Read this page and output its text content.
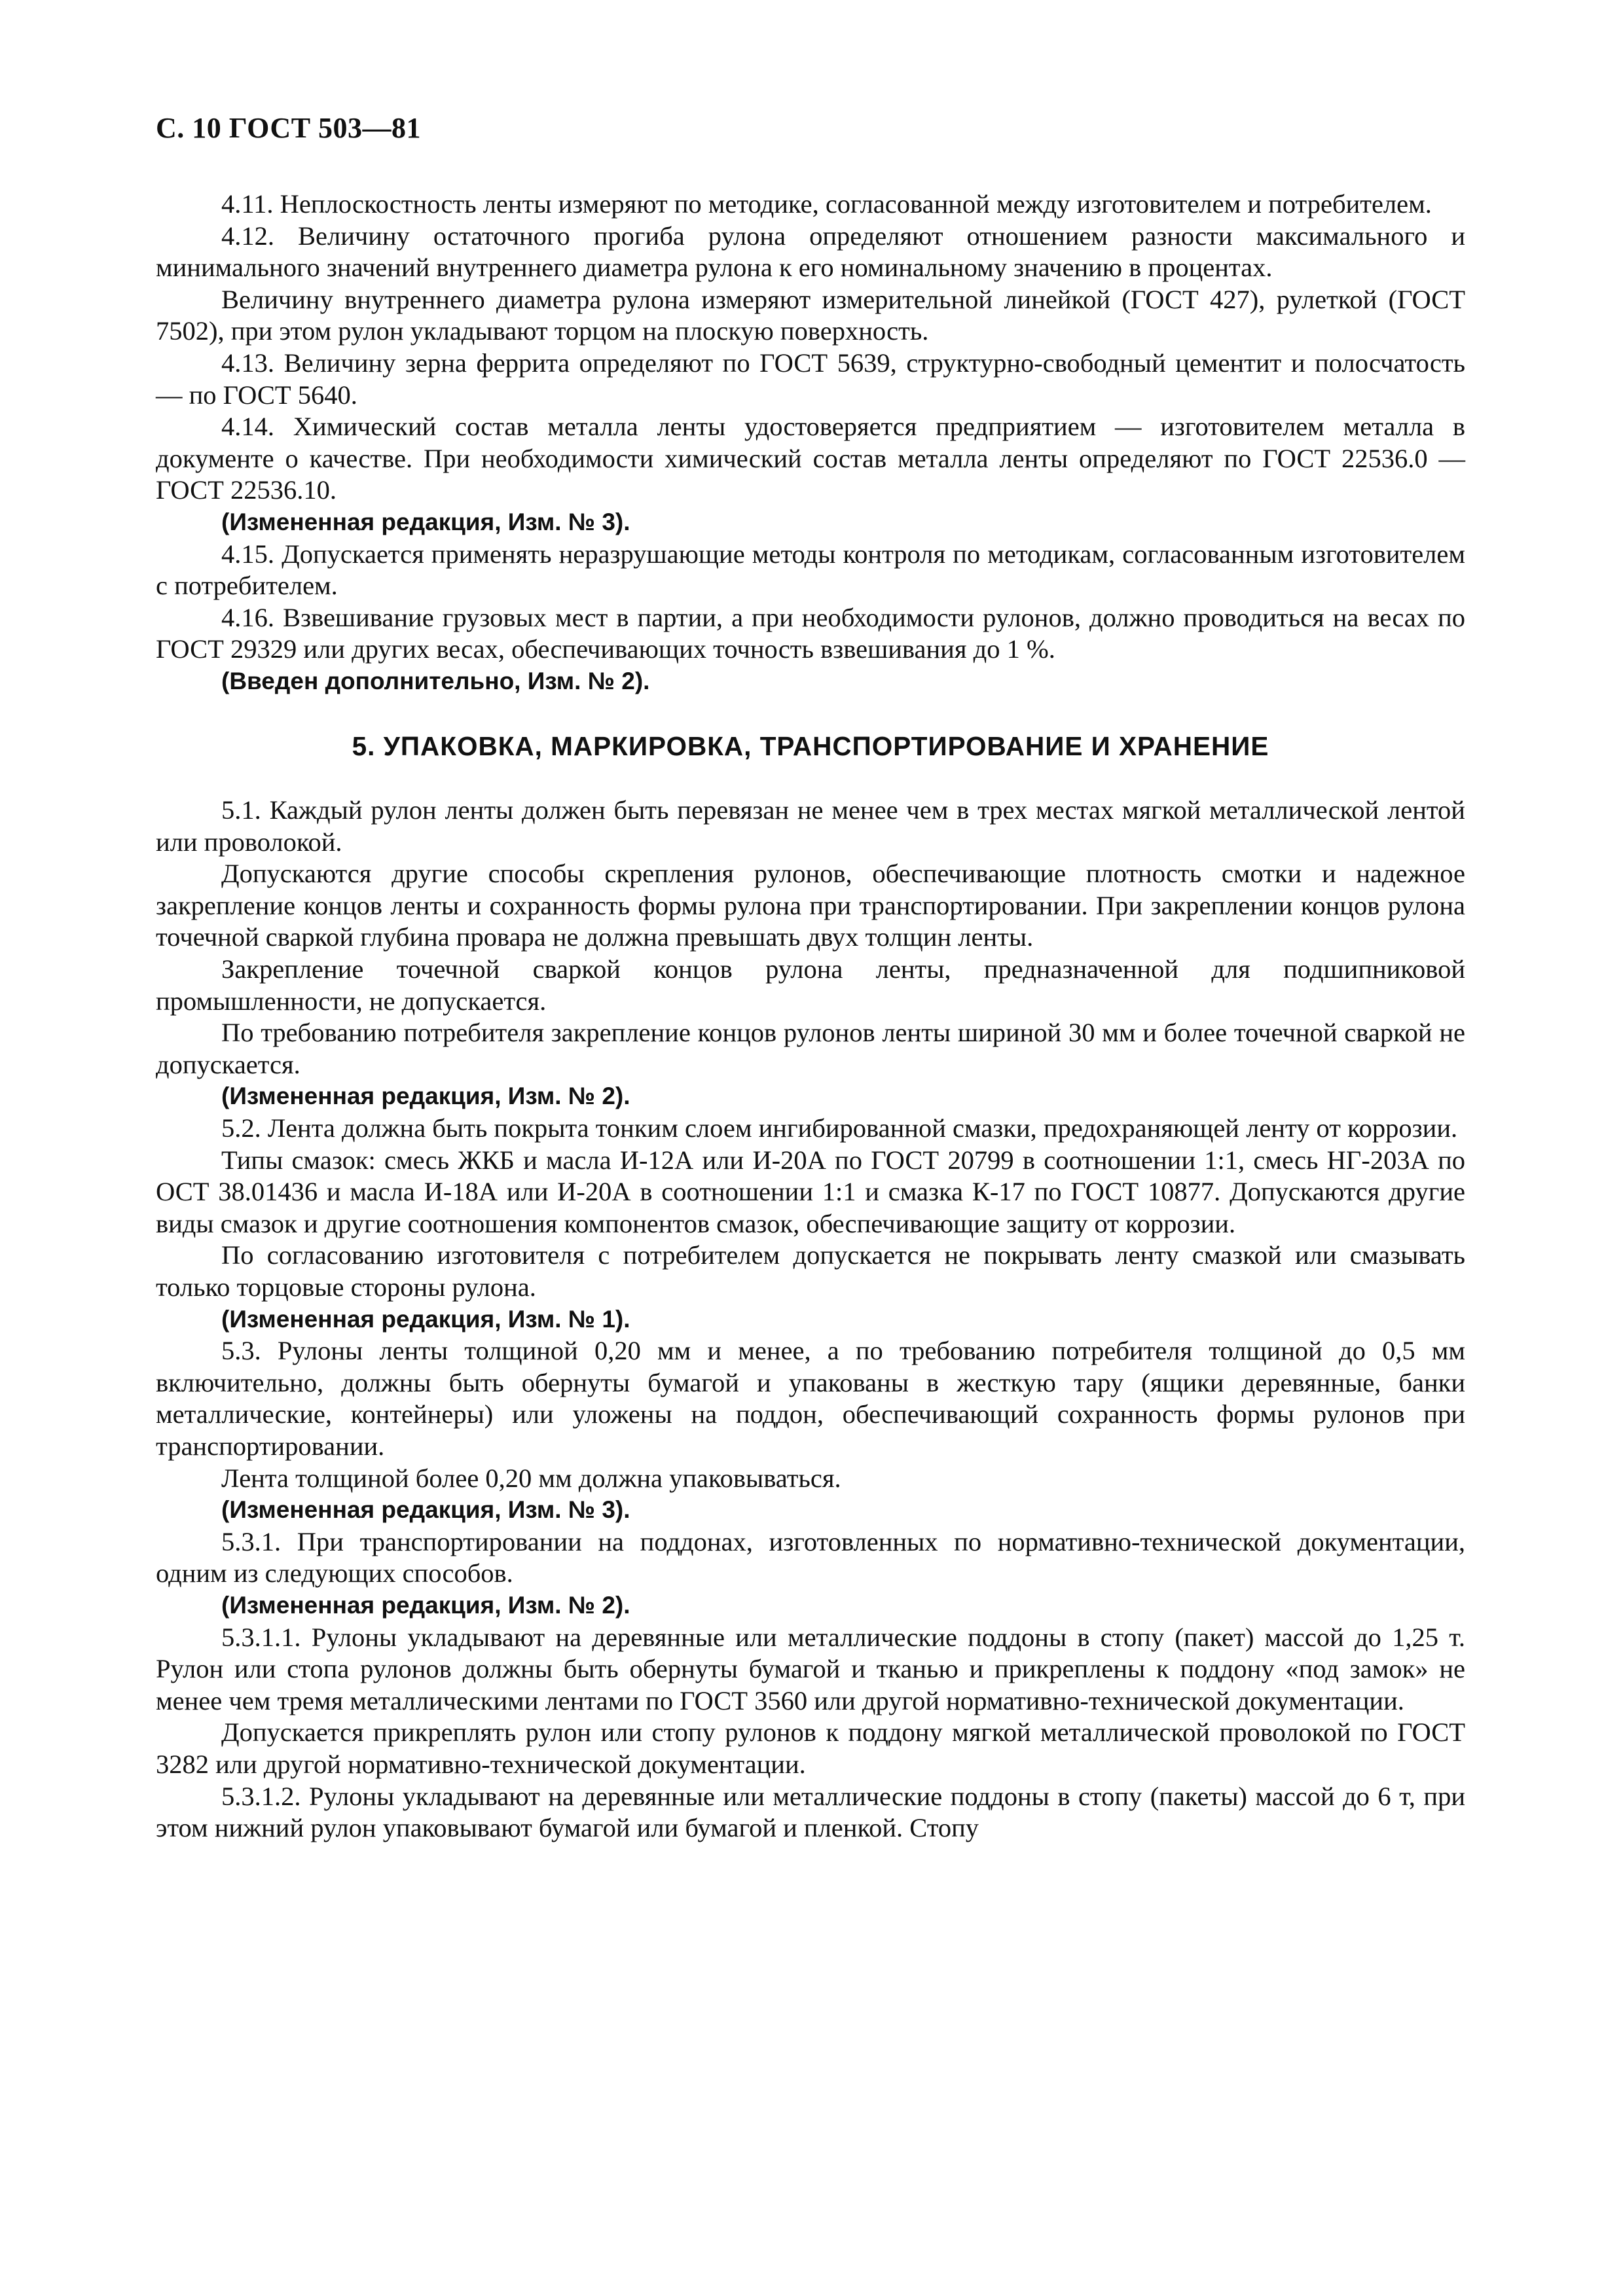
С. 10 ГОСТ 503—81

4.11. Неплоскостность ленты измеряют по методике, согласованной между изготовителем и потребителем.

4.12. Величину остаточного прогиба рулона определяют отношением разности максимального и минимального значений внутреннего диаметра рулона к его номинальному значению в процентах.

Величину внутреннего диаметра рулона измеряют измерительной линейкой (ГОСТ 427), рулеткой (ГОСТ 7502), при этом рулон укладывают торцом на плоскую поверхность.

4.13. Величину зерна феррита определяют по ГОСТ 5639, структурно-свободный цементит и полосчатость — по ГОСТ 5640.

4.14. Химический состав металла ленты удостоверяется предприятием — изготовителем металла в документе о качестве. При необходимости химический состав металла ленты определяют по ГОСТ 22536.0 — ГОСТ 22536.10.

(Измененная редакция, Изм. № 3).

4.15. Допускается применять неразрушающие методы контроля по методикам, согласованным изготовителем с потребителем.

4.16. Взвешивание грузовых мест в партии, а при необходимости рулонов, должно проводиться на весах по ГОСТ 29329 или других весах, обеспечивающих точность взвешивания до 1 %.

(Введен дополнительно, Изм. № 2).

5. УПАКОВКА, МАРКИРОВКА, ТРАНСПОРТИРОВАНИЕ И ХРАНЕНИЕ

5.1. Каждый рулон ленты должен быть перевязан не менее чем в трех местах мягкой металлической лентой или проволокой.

Допускаются другие способы скрепления рулонов, обеспечивающие плотность смотки и надежное закрепление концов ленты и сохранность формы рулона при транспортировании. При закреплении концов рулона точечной сваркой глубина провара не должна превышать двух толщин ленты.

Закрепление точечной сваркой концов рулона ленты, предназначенной для подшипниковой промышленности, не допускается.

По требованию потребителя закрепление концов рулонов ленты шириной 30 мм и более точечной сваркой не допускается.

(Измененная редакция, Изм. № 2).

5.2. Лента должна быть покрыта тонким слоем ингибированной смазки, предохраняющей ленту от коррозии.

Типы смазок: смесь ЖКБ и масла И-12А или И-20А по ГОСТ 20799 в соотношении 1:1, смесь НГ-203А по ОСТ 38.01436 и масла И-18А или И-20А в соотношении 1:1 и смазка К-17 по ГОСТ 10877. Допускаются другие виды смазок и другие соотношения компонентов смазок, обеспечивающие защиту от коррозии.

По согласованию изготовителя с потребителем допускается не покрывать ленту смазкой или смазывать только торцовые стороны рулона.

(Измененная редакция, Изм. № 1).

5.3. Рулоны ленты толщиной 0,20 мм и менее, а по требованию потребителя толщиной до 0,5 мм включительно, должны быть обернуты бумагой и упакованы в жесткую тару (ящики деревянные, банки металлические, контейнеры) или уложены на поддон, обеспечивающий сохранность формы рулонов при транспортировании.

Лента толщиной более 0,20 мм должна упаковываться.

(Измененная редакция, Изм. № 3).

5.3.1. При транспортировании на поддонах, изготовленных по нормативно-технической документации, одним из следующих способов.

(Измененная редакция, Изм. № 2).

5.3.1.1. Рулоны укладывают на деревянные или металлические поддоны в стопу (пакет) массой до 1,25 т. Рулон или стопа рулонов должны быть обернуты бумагой и тканью и прикреплены к поддону «под замок» не менее чем тремя металлическими лентами по ГОСТ 3560 или другой нормативно-технической документации.

Допускается прикреплять рулон или стопу рулонов к поддону мягкой металлической проволокой по ГОСТ 3282 или другой нормативно-технической документации.

5.3.1.2. Рулоны укладывают на деревянные или металлические поддоны в стопу (пакеты) массой до 6 т, при этом нижний рулон упаковывают бумагой или бумагой и пленкой. Стопу
